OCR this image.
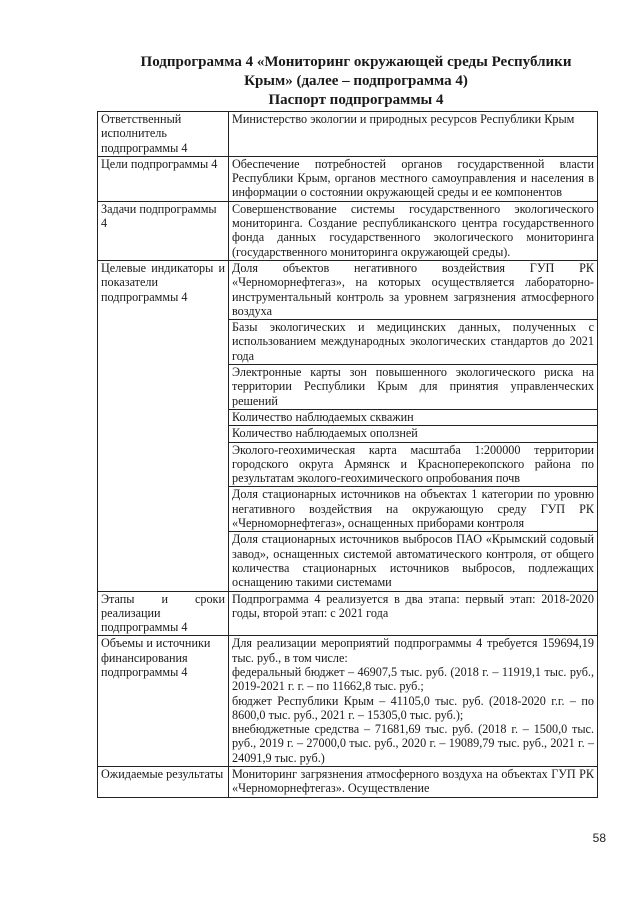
Подпрограмма 4 «Мониторинг окружающей среды Республики
Крым» (далее – подпрограмма 4)
Паспорт подпрограммы 4
Ответственный исполнитель подпрограммы 4	Министерство экологии и природных ресурсов Республики Крым
Цели подпрограммы 4	Обеспечение потребностей органов государственной власти Республики Крым, органов местного самоуправления и населения в информации о состоянии окружающей среды и ее компонентов
Задачи подпрограммы 4	Совершенствование системы государственного экологического мониторинга. Создание республиканского центра государственного фонда данных государственного экологического мониторинга (государственного мониторинга окружающей среды).
Целевые индикаторы и показатели подпрограммы 4	Доля объектов негативного воздействия ГУП РК «Черноморнефтегаз», на которых осуществляется лабораторно-инструментальный контроль за уровнем загрязнения атмосферного воздуха
	Базы экологических и медицинских данных, полученных с использованием международных экологических стандартов до 2021 года
	Электронные карты зон повышенного экологического риска на территории Республики Крым для принятия управленческих решений
	Количество наблюдаемых скважин
	Количество наблюдаемых оползней
	Эколого-геохимическая карта масштаба 1:200000 территории городского округа Армянск и Красноперекопского района по результатам эколого-геохимического опробования почв
	Доля стационарных источников на объектах 1 категории по уровню негативного воздействия на окружающую среду ГУП РК «Черноморнефтегаз», оснащенных приборами контроля
	Доля стационарных источников выбросов ПАО «Крымский содовый завод», оснащенных системой автоматического контроля, от общего количества стационарных источников выбросов, подлежащих оснащению такими системами
Этапы и сроки реализации подпрограммы 4	Подпрограмма 4 реализуется в два этапа: первый этап: 2018-2020 годы, второй этап: с 2021 года
Объемы и источники финансирования подпрограммы 4	Для реализации мероприятий подпрограммы 4 требуется 159694,19 тыс. руб., в том числе:
федеральный бюджет – 46907,5 тыс. руб. (2018 г. – 11919,1 тыс. руб., 2019-2021 г. г. – по 11662,8 тыс. руб.;
бюджет Республики Крым – 41105,0 тыс. руб. (2018-2020 г.г. – по 8600,0 тыс. руб., 2021 г. – 15305,0 тыс. руб.);
внебюджетные средства – 71681,69 тыс. руб. (2018 г. – 1500,0 тыс. руб., 2019 г. – 27000,0 тыс. руб., 2020 г. – 19089,79 тыс. руб., 2021 г. – 24091,9 тыс. руб.)

Ожидаемые результаты	Мониторинг загрязнения атмосферного воздуха на объектах ГУП РК «Черноморнефтегаз». Осуществление
58
